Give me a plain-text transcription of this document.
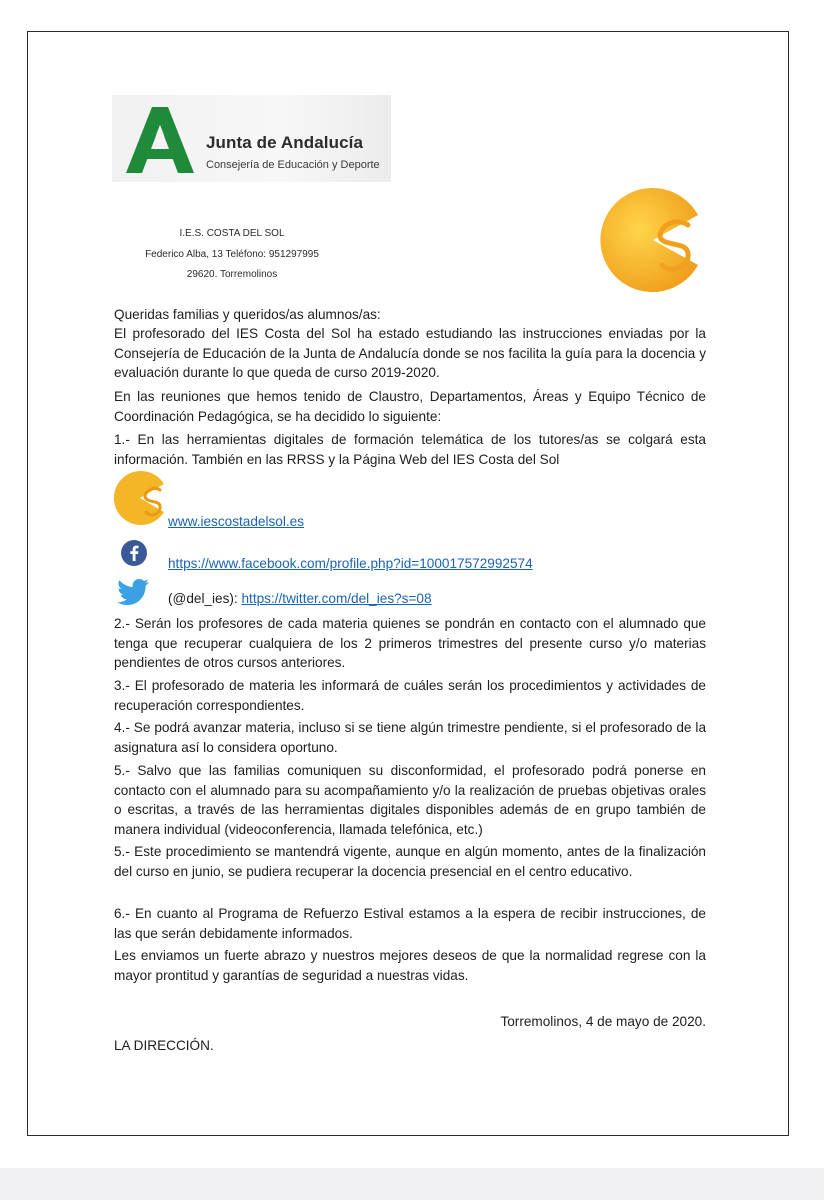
Junta de Andalucía
Consejería de Educación y Deporte
I.E.S. COSTA DEL SOL
Federico Alba, 13 Teléfono: 951297995
29620. Torremolinos
Queridas familias y queridos/as alumnos/as:
El profesorado del IES Costa del Sol ha estado estudiando las instrucciones enviadas por la Consejería de Educación de la Junta de Andalucía donde se nos facilita la guía para la docencia y evaluación durante lo que queda de curso 2019-2020.
En las reuniones que hemos tenido de Claustro, Departamentos, Áreas y Equipo Técnico de Coordinación Pedagógica, se ha decidido lo siguiente:
1.- En las herramientas digitales de formación telemática de los tutores/as se colgará esta información. También en las RRSS y la Página Web del IES Costa del Sol
www.iescostadelsol.es
https://www.facebook.com/profile.php?id=100017572992574
(@del_ies): https://twitter.com/del_ies?s=08
2.- Serán los profesores de cada materia quienes se pondrán en contacto con el alumnado que tenga que recuperar cualquiera de los 2 primeros trimestres del presente curso y/o materias pendientes de otros cursos anteriores.
3.- El profesorado de materia les informará de cuáles serán los procedimientos y actividades de recuperación correspondientes.
4.- Se podrá avanzar materia, incluso si se tiene algún trimestre pendiente, si el profesorado de la asignatura así lo considera oportuno.
5.- Salvo que las familias comuniquen su disconformidad, el profesorado podrá ponerse en contacto con el alumnado para su acompañamiento y/o la realización de pruebas objetivas orales o escritas, a través de las herramientas digitales disponibles además de en grupo también de manera individual (videoconferencia, llamada telefónica, etc.)
5.- Este procedimiento se mantendrá vigente, aunque en algún momento, antes de la finalización del curso en junio, se pudiera recuperar la docencia presencial en el centro educativo.
6.- En cuanto al Programa de Refuerzo Estival estamos a la espera de recibir instrucciones, de las que serán debidamente informados.
Les enviamos un fuerte abrazo y nuestros mejores deseos de que la normalidad regrese con la mayor prontitud y garantías de seguridad a nuestras vidas.
Torremolinos, 4 de mayo de 2020.
LA DIRECCIÓN.
